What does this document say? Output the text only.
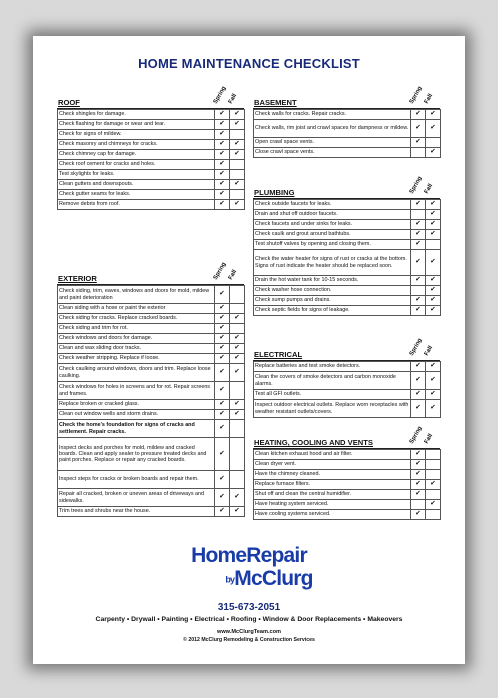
HOME MAINTENANCE CHECKLIST
ROOF	Spring Fall
Check shingles for damage.	✔	✔
Check flashing for damage or wear and tear.	✔	✔
Check for signs of mildew.	✔	
Check masonry and chimneys for cracks.	✔	✔
Check chimney cap for damage.	✔	✔
Check roof cement for cracks and holes.	✔	
Test skylights for leaks.	✔	
Clean gutters and downspouts.	✔	✔
Check gutter seams for leaks.	✔	
Remove debris from roof.	✔	✔
EXTERIOR	Spring Fall
Check siding, trim, eaves, windows and doors for mold, mildew and paint deterioration	✔	
Clean siding with a hose or paint the exterior	✔	
Check siding for cracks. Replace cracked boards.	✔	✔
Check siding and trim for rot.	✔	
Check windows and doors for damage.	✔	✔
Clean and wax sliding door tracks.	✔	✔
Check weather stripping. Replace if loose.	✔	✔
Check caulking around windows, doors and trim. Replace loose caulking.	✔	✔
Check windows for holes in screens and for rot. Repair screens and frames.	✔	
Replace broken or cracked glass.	✔	✔
Clean out window wells and storm drains.	✔	✔
Check the home's foundation for signs of cracks and settlement. Repair cracks.	✔	
Inspect decks and porches for mold, mildew and cracked boards. Clean and apply sealer to pressure treated decks and paint porches. Replace or repair any cracked boards.	✔	
Inspect steps for cracks or broken boards and repair them.	✔	
Repair all cracked, broken or uneven areas of driveways and sidewalks.	✔	✔
Trim trees and shrubs near the house.	✔	✔
BASEMENT	Spring Fall
Check walls for cracks. Repair cracks.	✔	✔
Check walls, rim joist and crawl spaces for dampness or mildew.	✔	✔
Open crawl space vents.	✔	
Close crawl space vents.		✔
PLUMBING	Spring Fall
Check outside faucets for leaks.	✔	✔
Drain and shut off outdoor faucets.		✔
Check faucets and under sinks for leaks.	✔	✔
Check caulk and grout around bathtubs.	✔	✔
Test shutoff valves by opening and closing them.	✔	
Check the water heater for signs of rust or cracks at the bottom. Signs of rust indicate the heater should be replaced soon.	✔	✔
Drain the hot water tank for 10-15 seconds.	✔	✔
Check washer hose connection.		✔
Check sump pumps and drains.	✔	✔
Check septic fields for signs of leakage.	✔	✔
ELECTRICAL	Spring Fall
Replace batteries and test smoke detectors.	✔	✔
Clean the covers of smoke detectors and carbon monoxide alarms.	✔	✔
Test all GFI outlets.	✔	✔
Inspect outdoor electrical outlets. Replace worn receptacles with weather resistant outlets/covers.	✔	✔
HEATING, COOLING AND VENTS	Spring Fall
Clean kitchen exhaust hood and air filter.	✔	
Clean dryer vent.	✔	
Have the chimney cleaned.	✔	
Replace furnace filters.	✔	✔
Shut off and clean the central humidifier.	✔	
Have heating system serviced.		✔
Have cooling systems serviced.	✔	
HomeRepair
byMcClurg
315-673-2051
Carpenty • Drywall • Painting • Electrical • Roofing • Window & Door Replacements • Makeovers
www.McClurgTeam.com
© 2012 McClurg Remodeling & Construction Services
